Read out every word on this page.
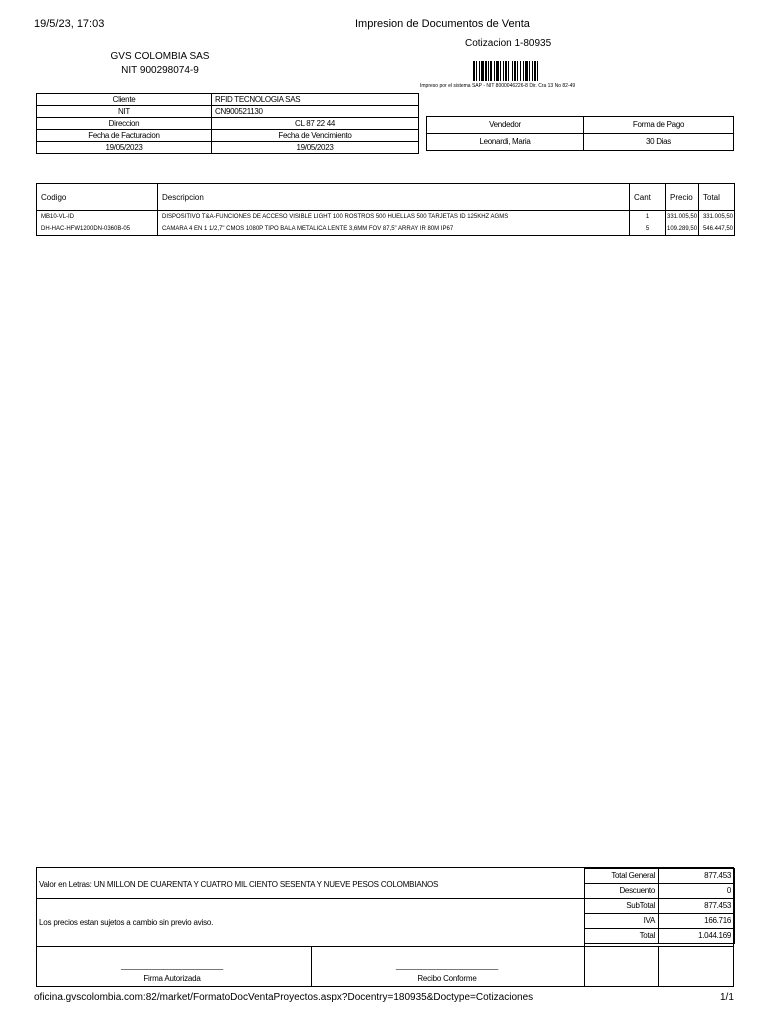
19/5/23, 17:03	Impresion de Documentos de Venta
GVS COLOMBIA SAS
NIT 900298074-9
Cotizacion 1-80935
Impreso por el sistema SAP - NIT 8000046226-8 Dir. Cra 13 No 82-49
Cliente	RFID TECNOLOGIA SAS
NIT	CN900521130
Direccion	CL 87 22 44
Fecha de Facturacion	Fecha de Vencimiento
19/05/2023	19/05/2023
Vendedor	Forma de Pago
Leonardi, Maria	30 Dias
Codigo	Descripcion	Cant	Precio	Total
MB10-VL-ID	DISPOSITIVO T&A-FUNCIONES DE ACCESO VISIBLE LIGHT 100 ROSTROS 500 HUELLAS 500 TARJETAS ID 125KHZ AGMS	1	331.005,50	331.005,50
DH-HAC-HFW1200DN-0360B-05	CAMARA 4 EN 1 1/2,7" CMOS 1080P TIPO BALA METALICA LENTE 3,6MM FOV 87,5" ARRAY IR 80M IP67	5	109.289,50	546.447,50
Valor en Letras: UN MILLON DE CUARENTA Y CUATRO MIL CIENTO SESENTA Y NUEVE PESOS COLOMBIANOS
Los precios estan sujetos a cambio sin previo aviso.
________________________
Firma Autorizada
________________________
Recibo Conforme
Total General	877.453
Descuento	0
SubTotal	877.453
IVA	166.716
Total	1.044.169
oficina.gvscolombia.com:82/market/FormatoDocVentaProyectos.aspx?Docentry=180935&Doctype=Cotizaciones	1/1
